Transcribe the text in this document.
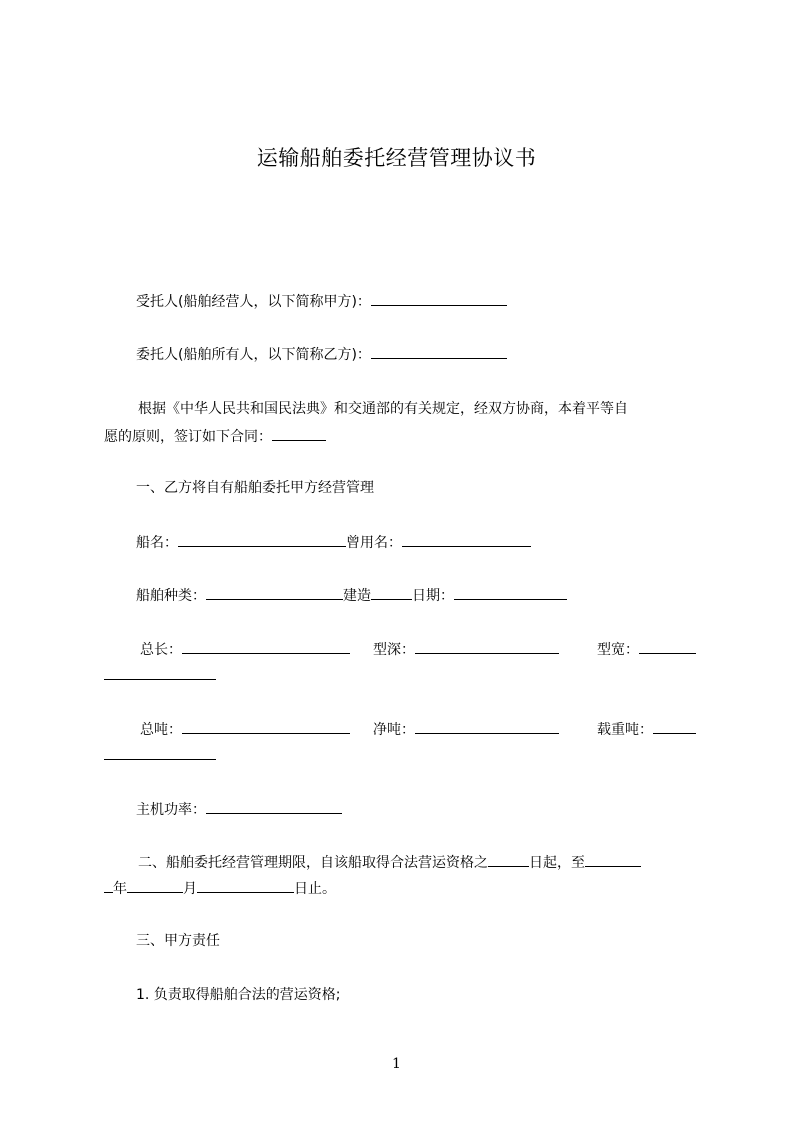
运输船舶委托经营管理协议书
受托人(船舶经营人，以下简称甲方)：
委托人(船舶所有人，以下简称乙方)：
根据《中华人民共和国民法典》和交通部的有关规定，经双方协商，本着平等自
愿的原则，签订如下合同：
一、乙方将自有船舶委托甲方经营管理
船名：	曾用名：
船舶种类：	建造	日期：
总长：	型深：	型宽：
总吨：	净吨：	载重吨：
主机功率：
二、船舶委托经营管理期限，自该船取得合法营运资格之	日起，至
年	月	日止。
三、甲方责任
1. 负责取得船舶合法的营运资格;
1
